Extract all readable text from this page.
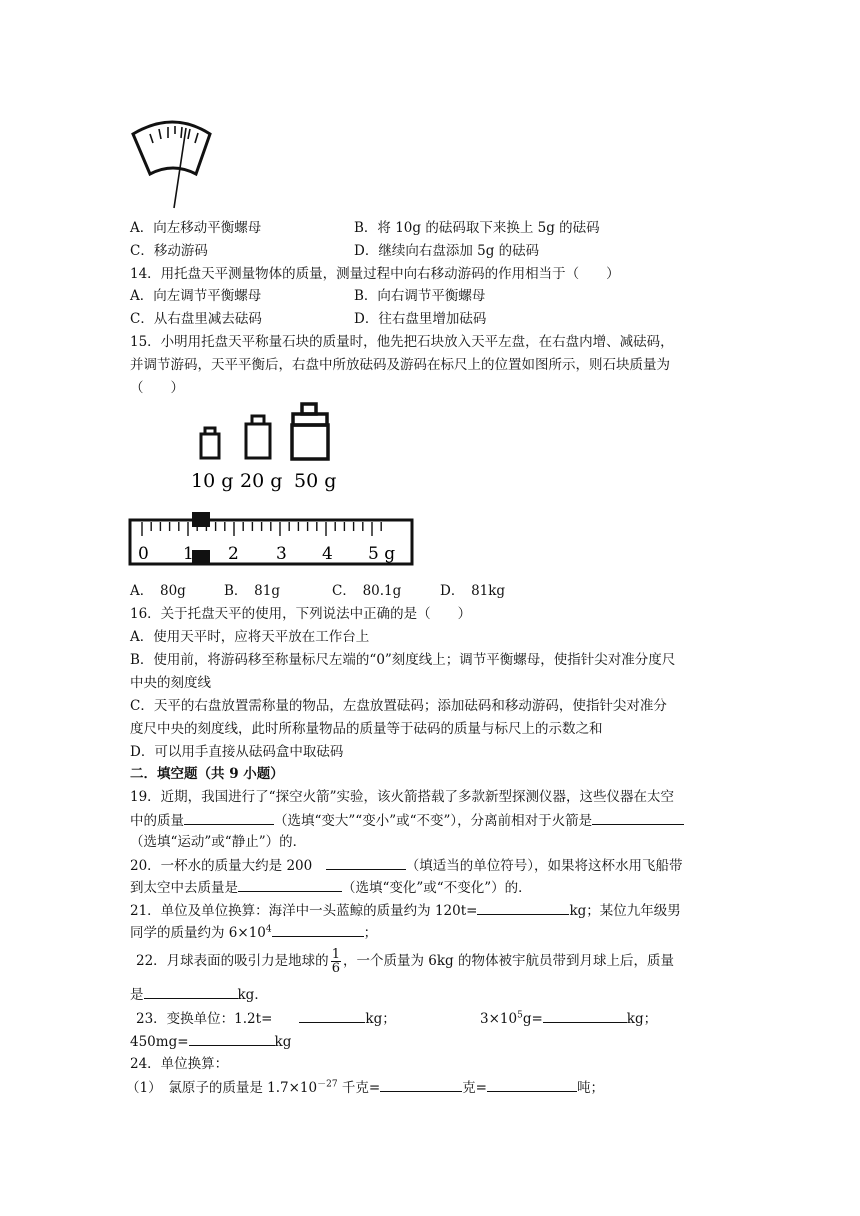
A．向左移动平衡螺母	B．将 10g 的砝码取下来换上 5g 的砝码
C．移动游码	D．继续向右盘添加 5g 的砝码
14．用托盘天平测量物体的质量，测量过程中向右移动游码的作用相当于（　　）
A．向左调节平衡螺母	B．向右调节平衡螺母
C．从右盘里减去砝码	D．往右盘里增加砝码
15．小明用托盘天平称量石块的质量时，他先把石块放入天平左盘，在右盘内增、减砝码，
并调节游码，天平平衡后，右盘中所放砝码及游码在标尺上的位置如图所示，则石块质量为
（　　）
10 g 20 g 50 g
0 1 2 3 4 5 g
A．　80g	B．　81g	C．　80.1g	D．　81kg
16．关于托盘天平的使用，下列说法中正确的是（　　）
A．使用天平时，应将天平放在工作台上
B．使用前，将游码移至称量标尺左端的“0”刻度线上；调节平衡螺母，使指针尖对准分度尺
中央的刻度线
C．天平的右盘放置需称量的物品，左盘放置砝码；添加砝码和移动游码，使指针尖对准分
度尺中央的刻度线，此时所称量物品的质量等于砝码的质量与标尺上的示数之和
D．可以用手直接从砝码盒中取砝码
二．填空题（共 9 小题）
19．近期，我国进行了“探空火箭”实验，该火箭搭载了多款新型探测仪器，这些仪器在太空
中的质量	（选填“变大”“变小”或“不变”），分离前相对于火箭是
（选填“运动”或“静止”）的．
20．一杯水的质量大约是 200　	（填适当的单位符号），如果将这杯水用飞船带
到太空中去质量是	（选填“变化”或“不变化”）的．
21．单位及单位换算：海洋中一头蓝鲸的质量约为 120t=	kg；某位九年级男
同学的质量约为 $6\times 10^4$	；
22．月球表面的吸引力是地球的 $\frac{1}{6}$ ，一个质量为 6kg 的物体被宇航员带到月球上后，质量
是	kg．
23．变换单位：1.2t=　　	kg；	$3\times 10^5g=$	kg；
450mg=	kg
24．单位换算：
（1）　氯原子的质量是 $1.7\times 10^{-27}$ 千克=	克=	吨；
